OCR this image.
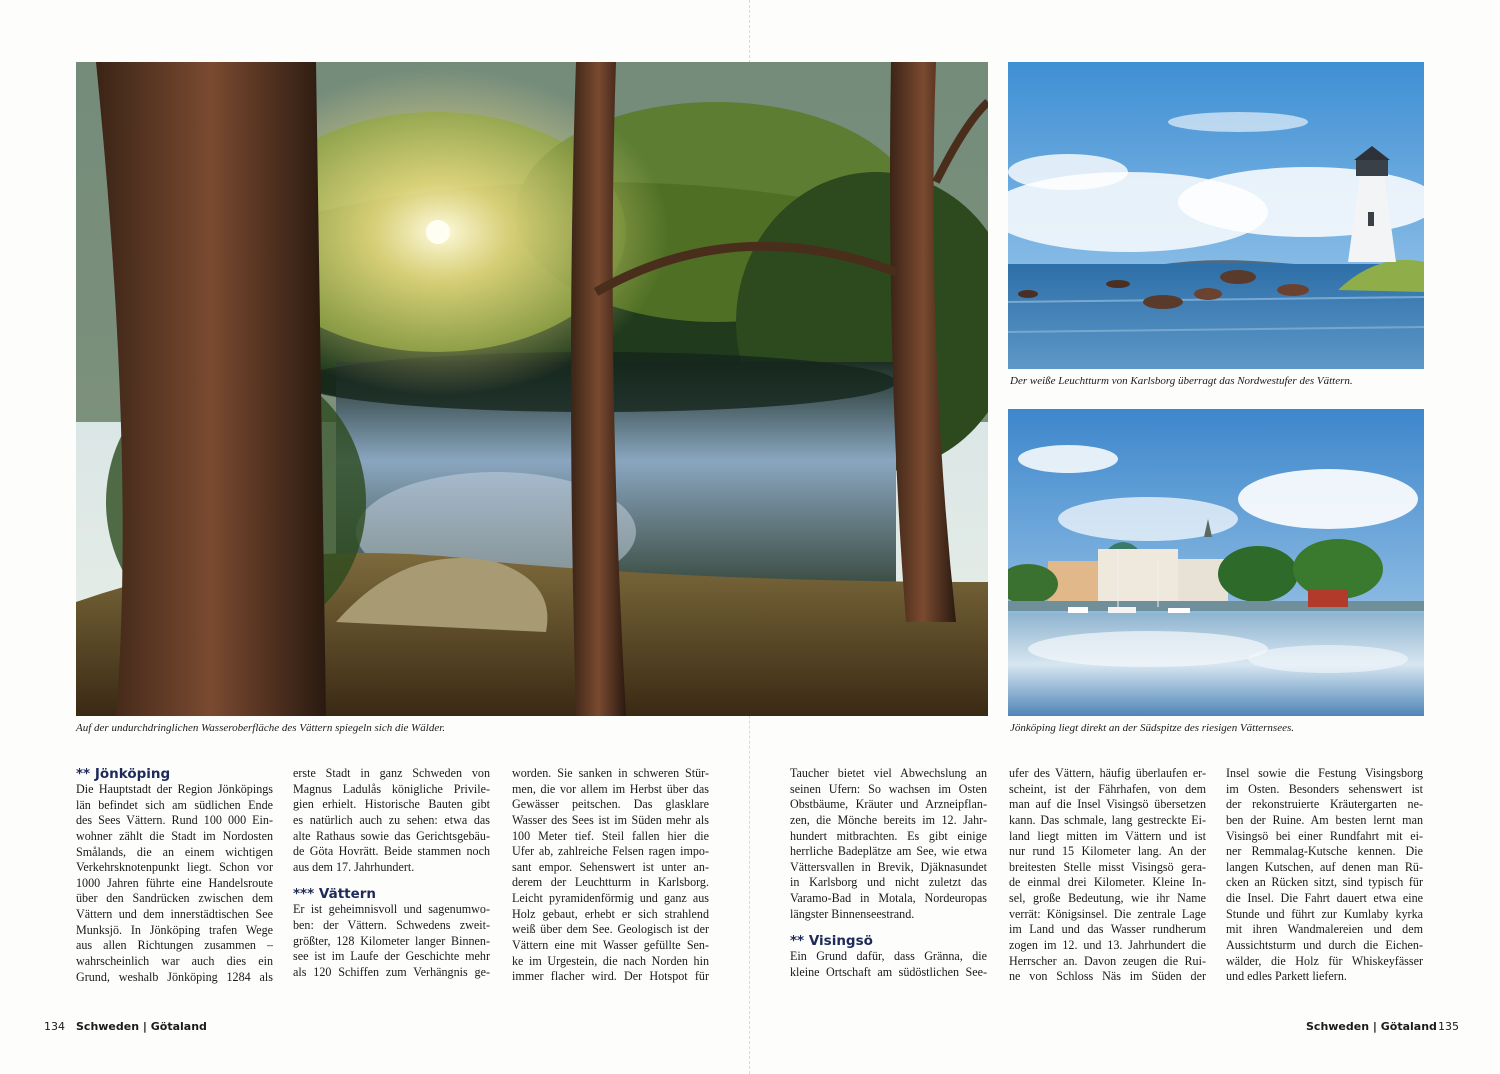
Auf der undurchdringlichen Wasseroberfläche des Vättern spiegeln sich die Wälder.
Der weiße Leuchtturm von Karlsborg überragt das Nordwestufer des Vättern.
Jönköping liegt direkt an der Südspitze des riesigen Vätternsees.
** Jönköping

Die Hauptstadt der Region Jönköpings
län befindet sich am südlichen Ende
des Sees Vättern. Rund 100 000 Ein-
wohner zählt die Stadt im Nordosten
Smålands, die an einem wichtigen
Verkehrsknotenpunkt liegt. Schon vor
1000 Jahren führte eine Handelsroute
über den Sandrücken zwischen dem
Vättern und dem innerstädtischen See
Munksjö. In Jönköping trafen Wege
aus allen Richtungen zusammen –
wahrscheinlich war auch dies ein
Grund, weshalb Jönköping 1284 als

erste Stadt in ganz Schweden von
Magnus Ladulås königliche Privile-
gien erhielt. Historische Bauten gibt
es natürlich auch zu sehen: etwa das
alte Rathaus sowie das Gerichtsgebäu-
de Göta Hovrätt. Beide stammen noch
aus dem 17. Jahrhundert.

*** Vättern

Er ist geheimnisvoll und sagenumwo-
ben: der Vättern. Schwedens zweit-
größter, 128 Kilometer langer Binnen-
see ist im Laufe der Geschichte mehr
als 120 Schiffen zum Verhängnis ge-

worden. Sie sanken in schweren Stür-
men, die vor allem im Herbst über das
Gewässer peitschen. Das glasklare
Wasser des Sees ist im Süden mehr als
100 Meter tief. Steil fallen hier die
Ufer ab, zahlreiche Felsen ragen impo-
sant empor. Sehenswert ist unter an-
derem der Leuchtturm in Karlsborg.
Leicht pyramidenförmig und ganz aus
Holz gebaut, erhebt er sich strahlend
weiß über dem See. Geologisch ist der
Vättern eine mit Wasser gefüllte Sen-
ke im Urgestein, die nach Norden hin
immer flacher wird. Der Hotspot für

Taucher bietet viel Abwechslung an
seinen Ufern: So wachsen im Osten
Obstbäume, Kräuter und Arzneipflan-
zen, die Mönche bereits im 12. Jahr-
hundert mitbrachten. Es gibt einige
herrliche Badeplätze am See, wie etwa
Vättersvallen in Brevik, Djäknasundet
in Karlsborg und nicht zuletzt das
Varamo-Bad in Motala, Nordeuropas
längster Binnenseestrand.

** Visingsö

Ein Grund dafür, dass Gränna, die
kleine Ortschaft am südöstlichen See-

ufer des Vättern, häufig überlaufen er-
scheint, ist der Fährhafen, von dem
man auf die Insel Visingsö übersetzen
kann. Das schmale, lang gestreckte Ei-
land liegt mitten im Vättern und ist
nur rund 15 Kilometer lang. An der
breitesten Stelle misst Visingsö gera-
de einmal drei Kilometer. Kleine In-
sel, große Bedeutung, wie ihr Name
verrät: Königsinsel. Die zentrale Lage
im Land und das Wasser rundherum
zogen im 12. und 13. Jahrhundert die
Herrscher an. Davon zeugen die Rui-
ne von Schloss Näs im Süden der

Insel sowie die Festung Visingsborg
im Osten. Besonders sehenswert ist
der rekonstruierte Kräutergarten ne-
ben der Ruine. Am besten lernt man
Visingsö bei einer Rundfahrt mit ei-
ner Remmalag-Kutsche kennen. Die
langen Kutschen, auf denen man Rü-
cken an Rücken sitzt, sind typisch für
die Insel. Die Fahrt dauert etwa eine
Stunde und führt zur Kumlaby kyrka
mit ihren Wandmalereien und dem
Aussichtsturm und durch die Eichen-
wälder, die Holz für Whiskeyfässer
und edles Parkett liefern.

134 Schweden | Götaland	Schweden | Götaland 135
